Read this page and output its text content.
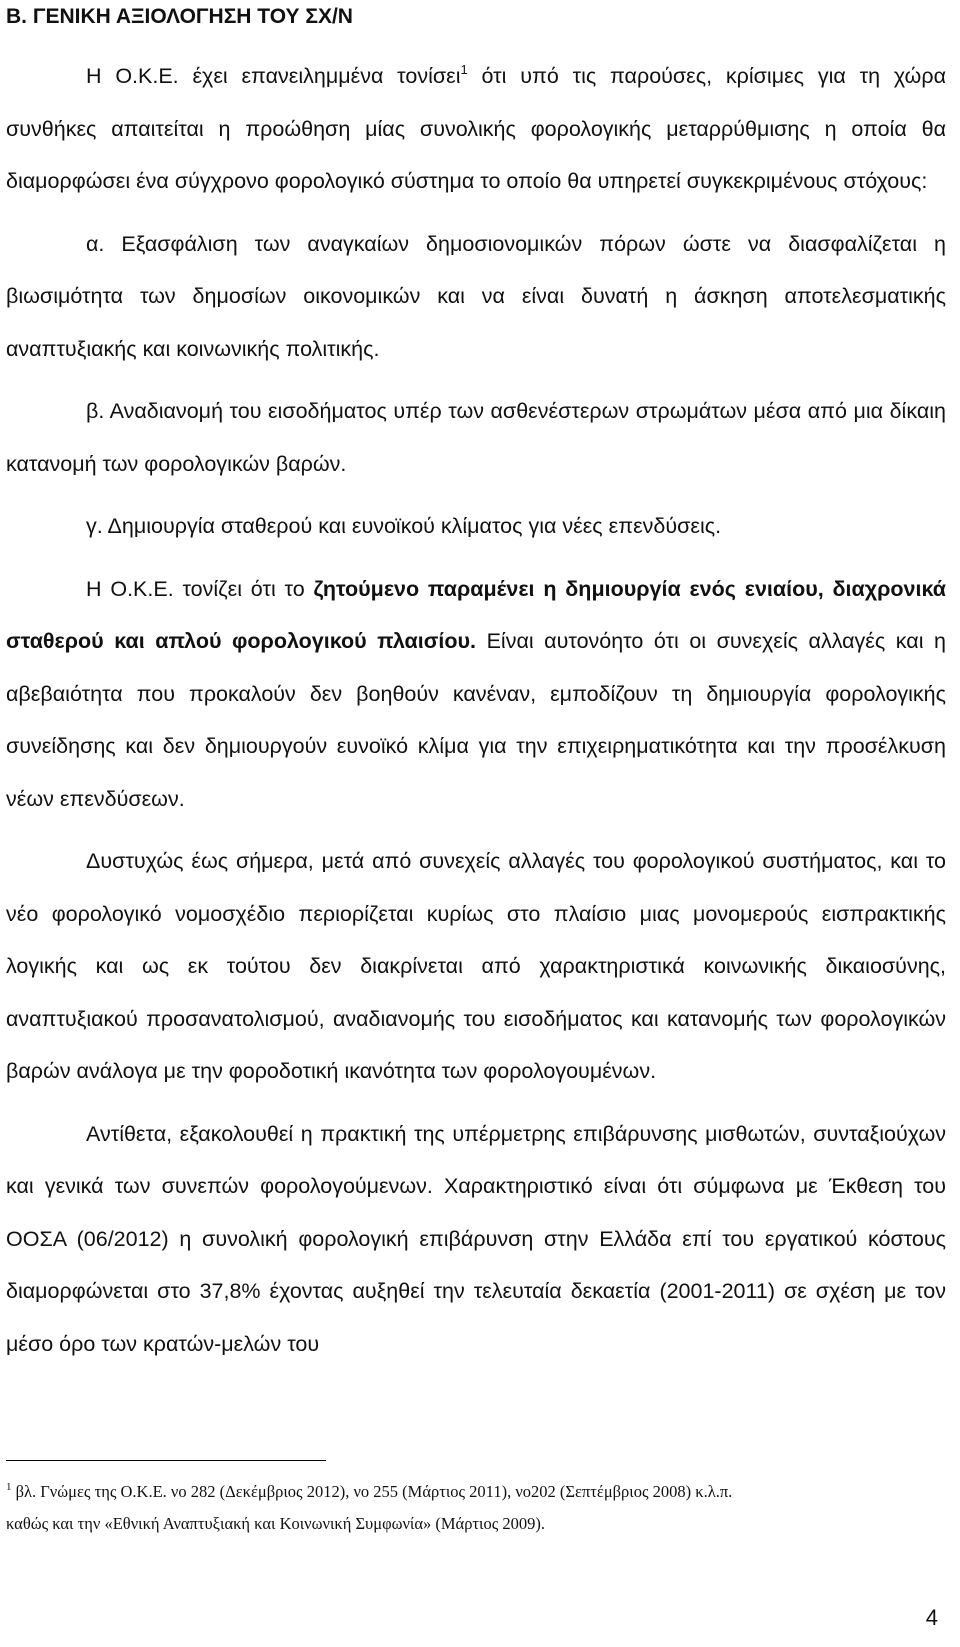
Β. ΓΕΝΙΚΗ ΑΞΙΟΛΟΓΗΣΗ ΤΟΥ ΣΧ/Ν

Η Ο.Κ.Ε. έχει επανειλημμένα τονίσει$^1$ ότι υπό τις παρούσες, κρίσιμες για τη χώρα συνθήκες απαιτείται η προώθηση μίας συνολικής φορολογικής μεταρρύθμισης η οποία θα διαμορφώσει ένα σύγχρονο φορολογικό σύστημα το οποίο θα υπηρετεί συγκεκριμένους στόχους:

α. Εξασφάλιση των αναγκαίων δημοσιονομικών πόρων ώστε να διασφαλίζεται η βιωσιμότητα των δημοσίων οικονομικών και να είναι δυνατή η άσκηση αποτελεσματικής αναπτυξιακής και κοινωνικής πολιτικής.

β. Αναδιανομή του εισοδήματος υπέρ των ασθενέστερων στρωμάτων μέσα από μια δίκαιη κατανομή των φορολογικών βαρών.

γ. Δημιουργία σταθερού και ευνοϊκού κλίματος για νέες επενδύσεις.

Η Ο.Κ.Ε. τονίζει ότι το ζητούμενο παραμένει η δημιουργία ενός ενιαίου, διαχρονικά σταθερού και απλού φορολογικού πλαισίου. Είναι αυτονόητο ότι οι συνεχείς αλλαγές και η αβεβαιότητα που προκαλούν δεν βοηθούν κανέναν, εμποδίζουν τη δημιουργία φορολογικής συνείδησης και δεν δημιουργούν ευνοϊκό κλίμα για την επιχειρηματικότητα και την προσέλκυση νέων επενδύσεων.

Δυστυχώς έως σήμερα, μετά από συνεχείς αλλαγές του φορολογικού συστήματος, και το νέο φορολογικό νομοσχέδιο περιορίζεται κυρίως στο πλαίσιο μιας μονομερούς εισπρακτικής λογικής και ως εκ τούτου δεν διακρίνεται από χαρακτηριστικά κοινωνικής δικαιοσύνης, αναπτυξιακού προσανατολισμού, αναδιανομής του εισοδήματος και κατανομής των φορολογικών βαρών ανάλογα με την φοροδοτική ικανότητα των φορολογουμένων.

Αντίθετα, εξακολουθεί η πρακτική της υπέρμετρης επιβάρυνσης μισθωτών, συνταξιούχων και γενικά των συνεπών φορολογούμενων. Χαρακτηριστικό είναι ότι σύμφωνα με Έκθεση του ΟΟΣΑ (06/2012) η συνολική φορολογική επιβάρυνση στην Ελλάδα επί του εργατικού κόστους διαμορφώνεται στο 37,8% έχοντας αυξηθεί την τελευταία δεκαετία (2001-2011) σε σχέση με τον μέσο όρο των κρατών-μελών του

$^1$ βλ. Γνώμες της Ο.Κ.Ε. νο 282 (Δεκέμβριος 2012), νο 255 (Μάρτιος 2011), νο202 (Σεπτέμβριος 2008) κ.λ.π.
καθώς και την «Εθνική Αναπτυξιακή και Κοινωνική Συμφωνία» (Μάρτιος 2009).
4
